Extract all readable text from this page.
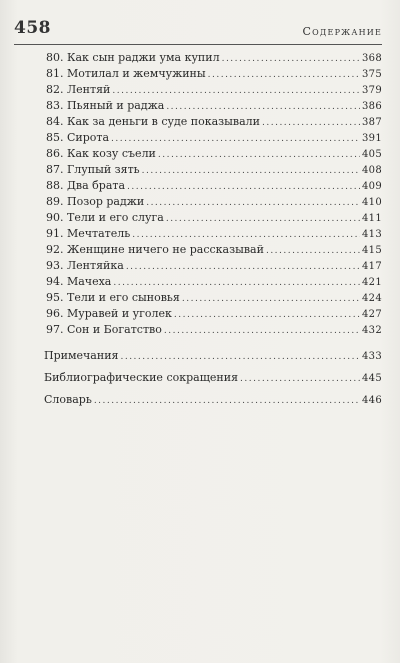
458	Содержание
80. Как сын раджи ума купил .....	368
81. Мотилал и жемчужины .....	375
82. Лентяй .....	379
83. Пьяный и раджа .....	386
84. Как за деньги в суде показывали .....	387
85. Сирота .....	391
86. Как козу съели .....	405
87. Глупый зять .....	408
88. Два брата .....	409
89. Позор раджи .....	410
90. Тели и его слуга .....	411
91. Мечтатель .....	413
92. Женщине ничего не рассказывай .....	415
93. Лентяйка .....	417
94. Мачеха .....	421
95. Тели и его сыновья .....	424
96. Муравей и уголек .....	427
97. Сон и Богатство .....	432
Примечания .....	433
Библиографические сокращения .....	445
Словарь .....	446
